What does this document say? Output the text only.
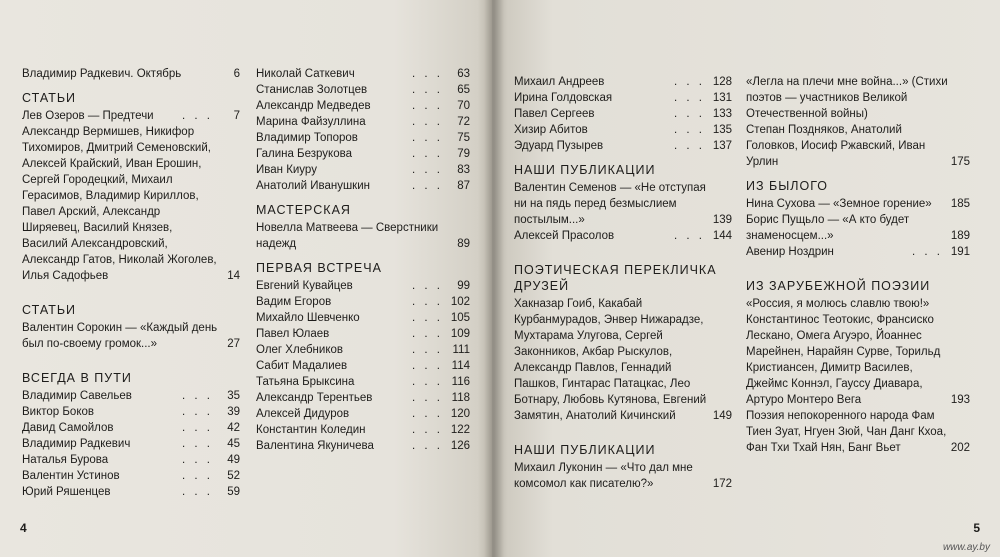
Владимир Радкевич. Октябрь	6
СТАТЬИ
Лев Озеров — Предтечи . . .	7
Александр Вермишев, Никифор Тихомиров, Дмитрий Семеновский, Алексей Крайский, Иван Ерошин, Сергей Городецкий, Михаил Герасимов, Владимир Кириллов, Павел Арский, Александр Ширяевец, Василий Князев, Василий Александровский, Александр Гатов, Николай Жоголев, Илья Садофьев	14
СТАТЬИ
Валентин Сорокин — «Каждый день был по-своему громок...»	27
ВСЕГДА В ПУТИ
Владимир Савельев . . .	35
Виктор Боков . . .	39
Давид Самойлов . . .	42
Владимир Радкевич . . .	45
Наталья Бурова . . .	49
Валентин Устинов . . .	52
Юрий Ряшенцев . . .	59
Николай Саткевич . . .	63
Станислав Золотцев . . .	65
Александр Медведев . . .	70
Марина Файзуллина . . .	72
Владимир Топоров . . .	75
Галина Безрукова . . .	79
Иван Киуру . . .	83
Анатолий Иванушкин . . .	87
МАСТЕРСКАЯ
Новелла Матвеева — Сверстники надежд	89
ПЕРВАЯ ВСТРЕЧА
Евгений Кувайцев . . .	99
Вадим Егоров . . .	102
Михайло Шевченко . . .	105
Павел Юлаев . . .	109
Олег Хлебников . . .	111
Сабит Мадалиев . . .	114
Татьяна Брыксина . . .	116
Александр Терентьев . . .	118
Алексей Дидуров . . .	120
Константин Коледин . . .	122
Валентина Якуничева . . .	126
4
Михаил Андреев . . .	128
Ирина Голдовская . . .	131
Павел Сергеев . . .	133
Хизир Абитов . . .	135
Эдуард Пузырев . . .	137
НАШИ ПУБЛИКАЦИИ
Валентин Семенов — «Не отступая ни на пядь перед безмыслием постылым...»	139
Алексей Прасолов . . .	144
ПОЭТИЧЕСКАЯ ПЕРЕКЛИЧКА ДРУЗЕЙ
Хакназар Гоиб, Какабай Курбанмурадов, Энвер Нижарадзе, Мухтарама Улугова, Сергей Законников, Акбар Рыскулов, Александр Павлов, Геннадий Пашков, Гинтарас Патацкас, Лео Ботнару, Любовь Кутянова, Евгений Замятин, Анатолий Кичинский	149
НАШИ ПУБЛИКАЦИИ
Михаил Луконин — «Что дал мне комсомол как писателю?»	172
«Легла на плечи мне война...» (Стихи поэтов — участников Великой Отечественной войны)
Степан Поздняков, Анатолий Головков, Иосиф Ржавский, Иван Урлин	175
ИЗ БЫЛОГО
Нина Сухова — «Земное горение»	185
Борис Пущьло — «А кто будет знаменосцем...»	189
Авенир Ноздрин . . .	191
ИЗ ЗАРУБЕЖНОЙ ПОЭЗИИ
«Россия, я молюсь славлю твою!» Константинос Теотокис, Франсиско Лескано, Омега Агуэро, Йоаннес Марейнен, Нарайян Сурве, Торильд Кристиансен, Димитр Василев, Джеймс Коннэл, Гауссу Диавара, Артуро Монтеро Вега	193
Поэзия непокоренного народа Фам Тиен Зуат, Нгуен Зюй, Чан Данг Кхоа, Фан Тхи Тхай Нян, Банг Вьет	202
5
www.ay.by
